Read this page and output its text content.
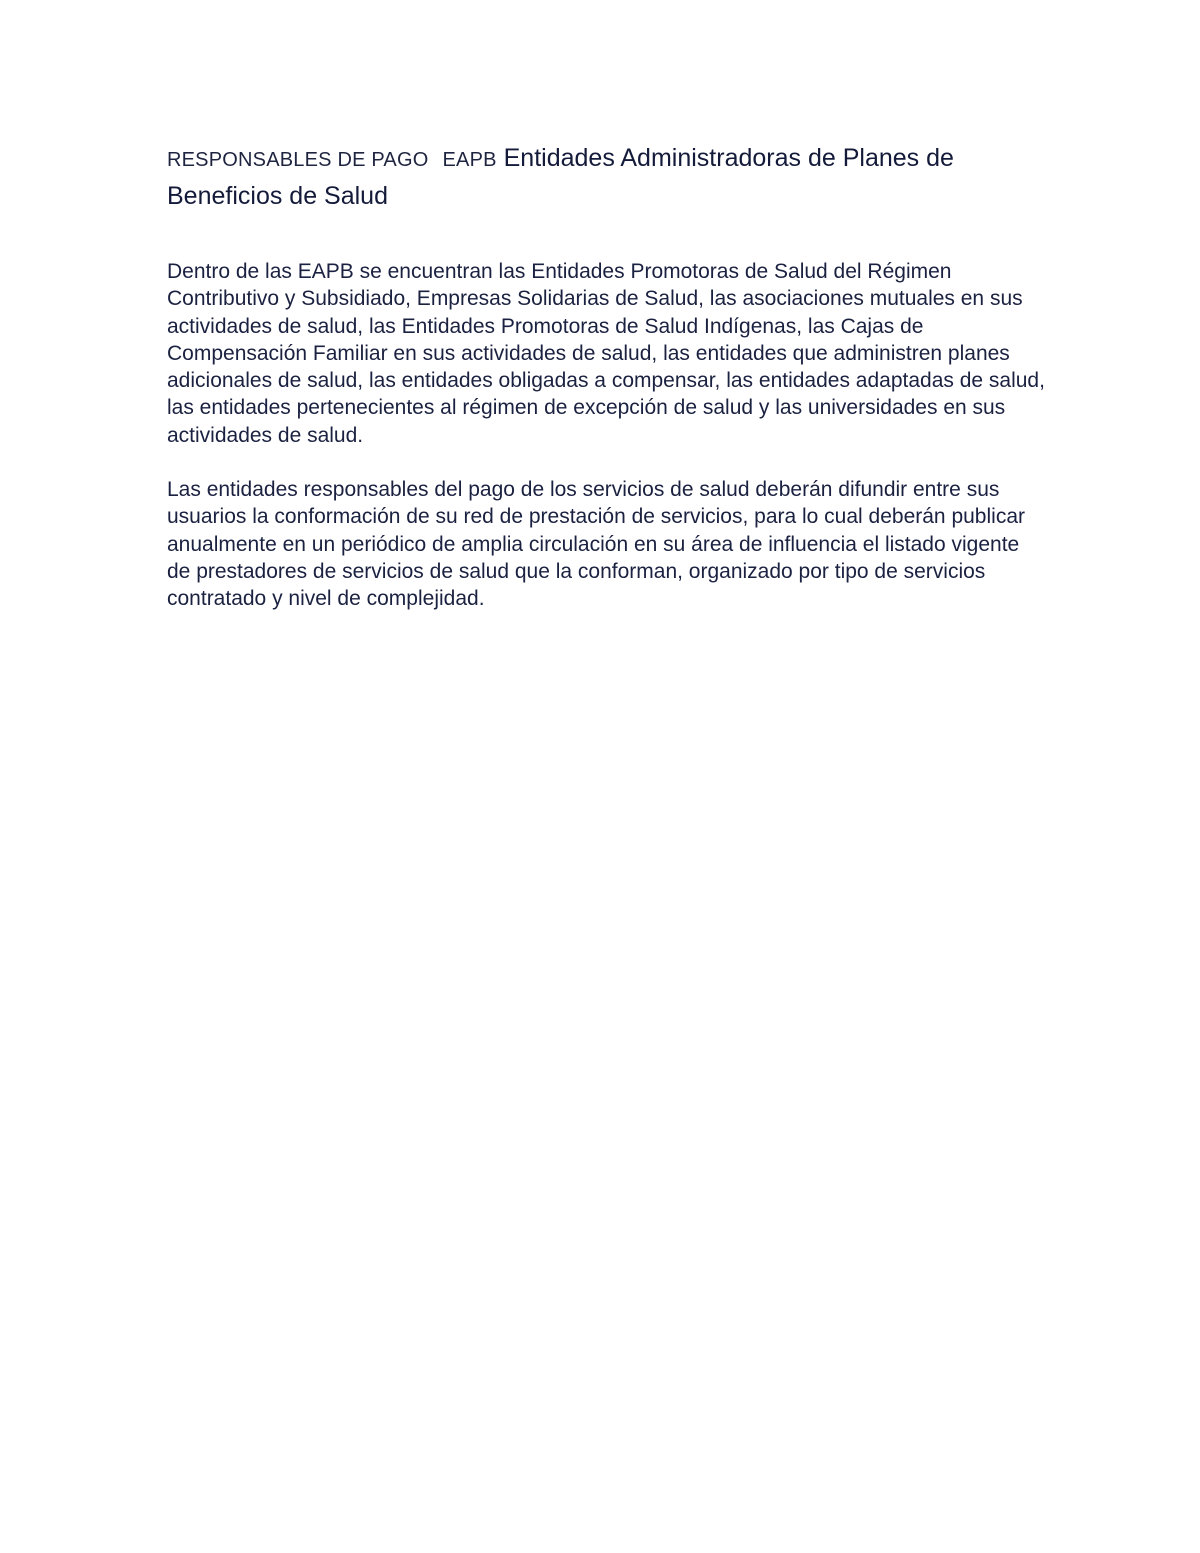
RESPONSABLES DE PAGO EAPB Entidades Administradoras de Planes de Beneficios de Salud

Dentro de las EAPB se encuentran las Entidades Promotoras de Salud del Régimen Contributivo y Subsidiado, Empresas Solidarias de Salud, las asociaciones mutuales en sus actividades de salud, las Entidades Promotoras de Salud Indígenas, las Cajas de Compensación Familiar en sus actividades de salud, las entidades que administren planes adicionales de salud, las entidades obligadas a compensar, las entidades adaptadas de salud, las entidades pertenecientes al régimen de excepción de salud y las universidades en sus actividades de salud.

Las entidades responsables del pago de los servicios de salud deberán difundir entre sus usuarios la conformación de su red de prestación de servicios, para lo cual deberán publicar anualmente en un periódico de amplia circulación en su área de influencia el listado vigente de prestadores de servicios de salud que la conforman, organizado por tipo de servicios contratado y nivel de complejidad.
